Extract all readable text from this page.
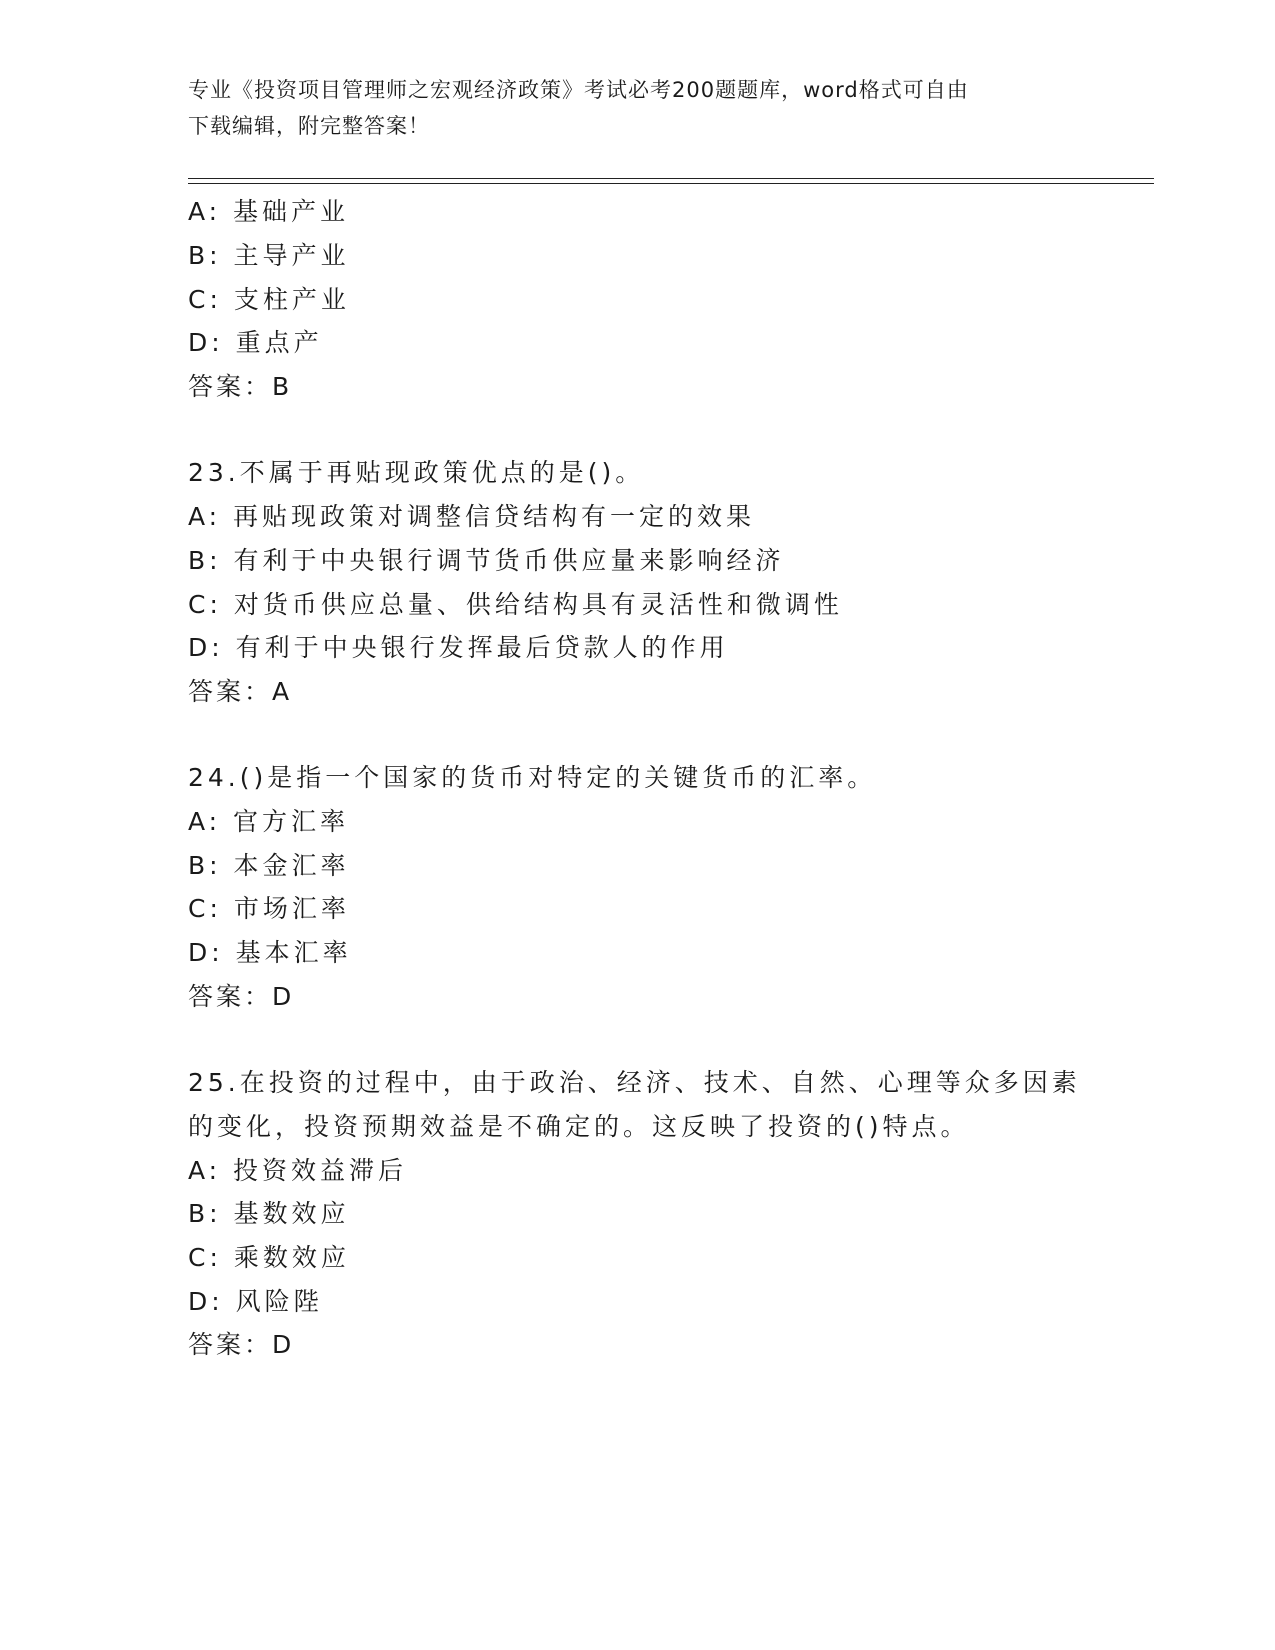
专业《投资项目管理师之宏观经济政策》考试必考200题题库，word格式可自由
下载编辑，附完整答案！
A: 基础产业
B: 主导产业
C: 支柱产业
D: 重点产
答案：B
23.不属于再贴现政策优点的是()。
A: 再贴现政策对调整信贷结构有一定的效果
B: 有利于中央银行调节货币供应量来影响经济
C: 对货币供应总量、供给结构具有灵活性和微调性
D: 有利于中央银行发挥最后贷款人的作用
答案：A
24.()是指一个国家的货币对特定的关键货币的汇率。
A: 官方汇率
B: 本金汇率
C: 市场汇率
D: 基本汇率
答案：D
25.在投资的过程中，由于政治、经济、技术、自然、心理等众多因素
的变化，投资预期效益是不确定的。这反映了投资的()特点。
A: 投资效益滞后
B: 基数效应
C: 乘数效应
D: 风险陛
答案：D
